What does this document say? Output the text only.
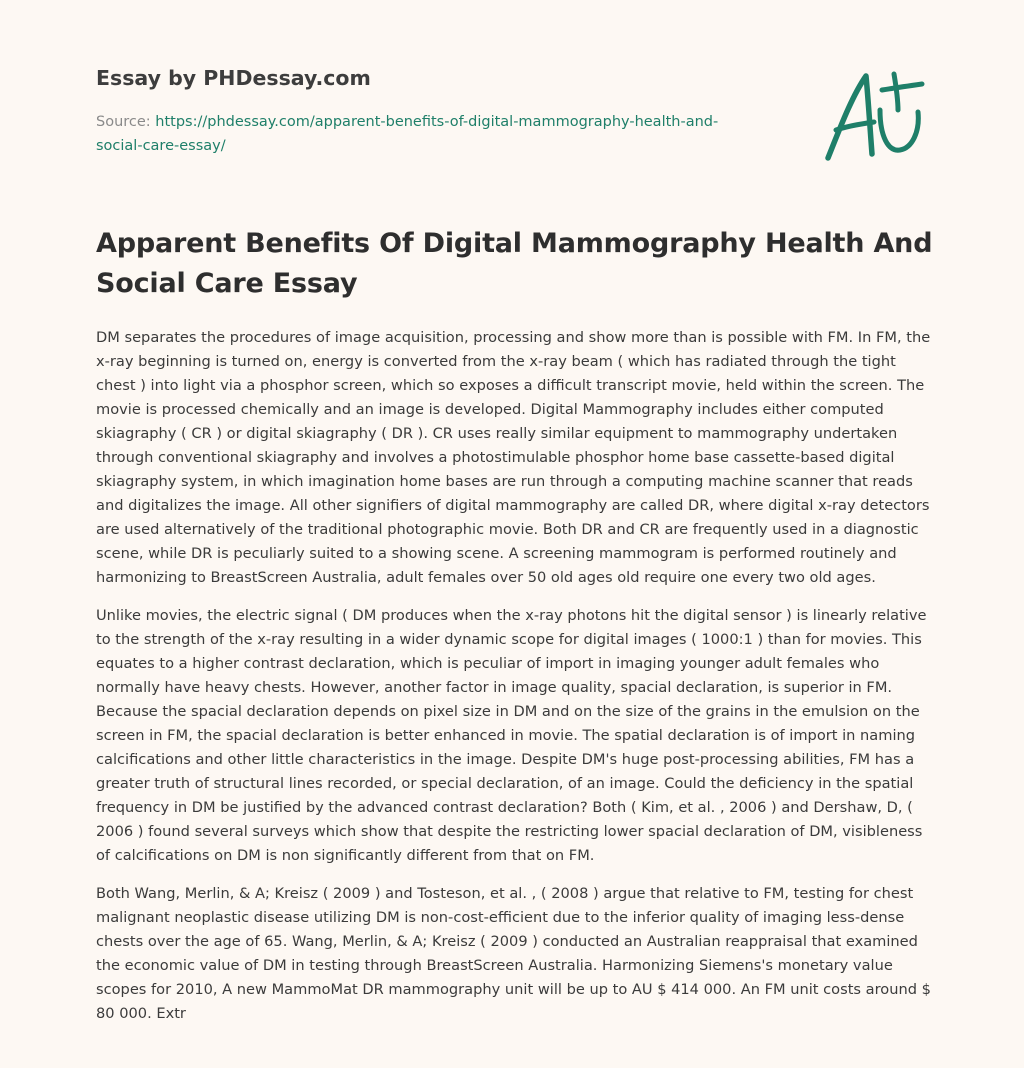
Essay by PHDessay.com
Source: https://phdessay.com/apparent-benefits-of-digital-mammography-health-and-social-care-essay/
Apparent Benefits Of Digital Mammography Health And Social Care Essay

DM separates the procedures of image acquisition, processing and show more than is possible with FM. In FM, the x-ray beginning is turned on, energy is converted from the x-ray beam ( which has radiated through the tight chest ) into light via a phosphor screen, which so exposes a difficult transcript movie, held within the screen. The movie is processed chemically and an image is developed. Digital Mammography includes either computed skiagraphy ( CR ) or digital skiagraphy ( DR ). CR uses really similar equipment to mammography undertaken through conventional skiagraphy and involves a photostimulable phosphor home base cassette-based digital skiagraphy system, in which imagination home bases are run through a computing machine scanner that reads and digitalizes the image. All other signifiers of digital mammography are called DR, where digital x-ray detectors are used alternatively of the traditional photographic movie. Both DR and CR are frequently used in a diagnostic scene, while DR is peculiarly suited to a showing scene. A screening mammogram is performed routinely and harmonizing to BreastScreen Australia, adult females over 50 old ages old require one every two old ages.

Unlike movies, the electric signal ( DM produces when the x-ray photons hit the digital sensor ) is linearly relative to the strength of the x-ray resulting in a wider dynamic scope for digital images ( 1000:1 ) than for movies. This equates to a higher contrast declaration, which is peculiar of import in imaging younger adult females who normally have heavy chests. However, another factor in image quality, spacial declaration, is superior in FM. Because the spacial declaration depends on pixel size in DM and on the size of the grains in the emulsion on the screen in FM, the spacial declaration is better enhanced in movie. The spatial declaration is of import in naming calcifications and other little characteristics in the image. Despite DM's huge post-processing abilities, FM has a greater truth of structural lines recorded, or special declaration, of an image. Could the deficiency in the spatial frequency in DM be justified by the advanced contrast declaration? Both ( Kim, et al. , 2006 ) and Dershaw, D, ( 2006 ) found several surveys which show that despite the restricting lower spacial declaration of DM, visibleness of calcifications on DM is non significantly different from that on FM.

Both Wang, Merlin, & A; Kreisz ( 2009 ) and Tosteson, et al. , ( 2008 ) argue that relative to FM, testing for chest malignant neoplastic disease utilizing DM is non-cost-efficient due to the inferior quality of imaging less-dense chests over the age of 65. Wang, Merlin, & A; Kreisz ( 2009 ) conducted an Australian reappraisal that examined the economic value of DM in testing through BreastScreen Australia. Harmonizing Siemens's monetary value scopes for 2010, A new MammoMat DR mammography unit will be up to AU $ 414 000. An FM unit costs around $ 80 000. Extr
